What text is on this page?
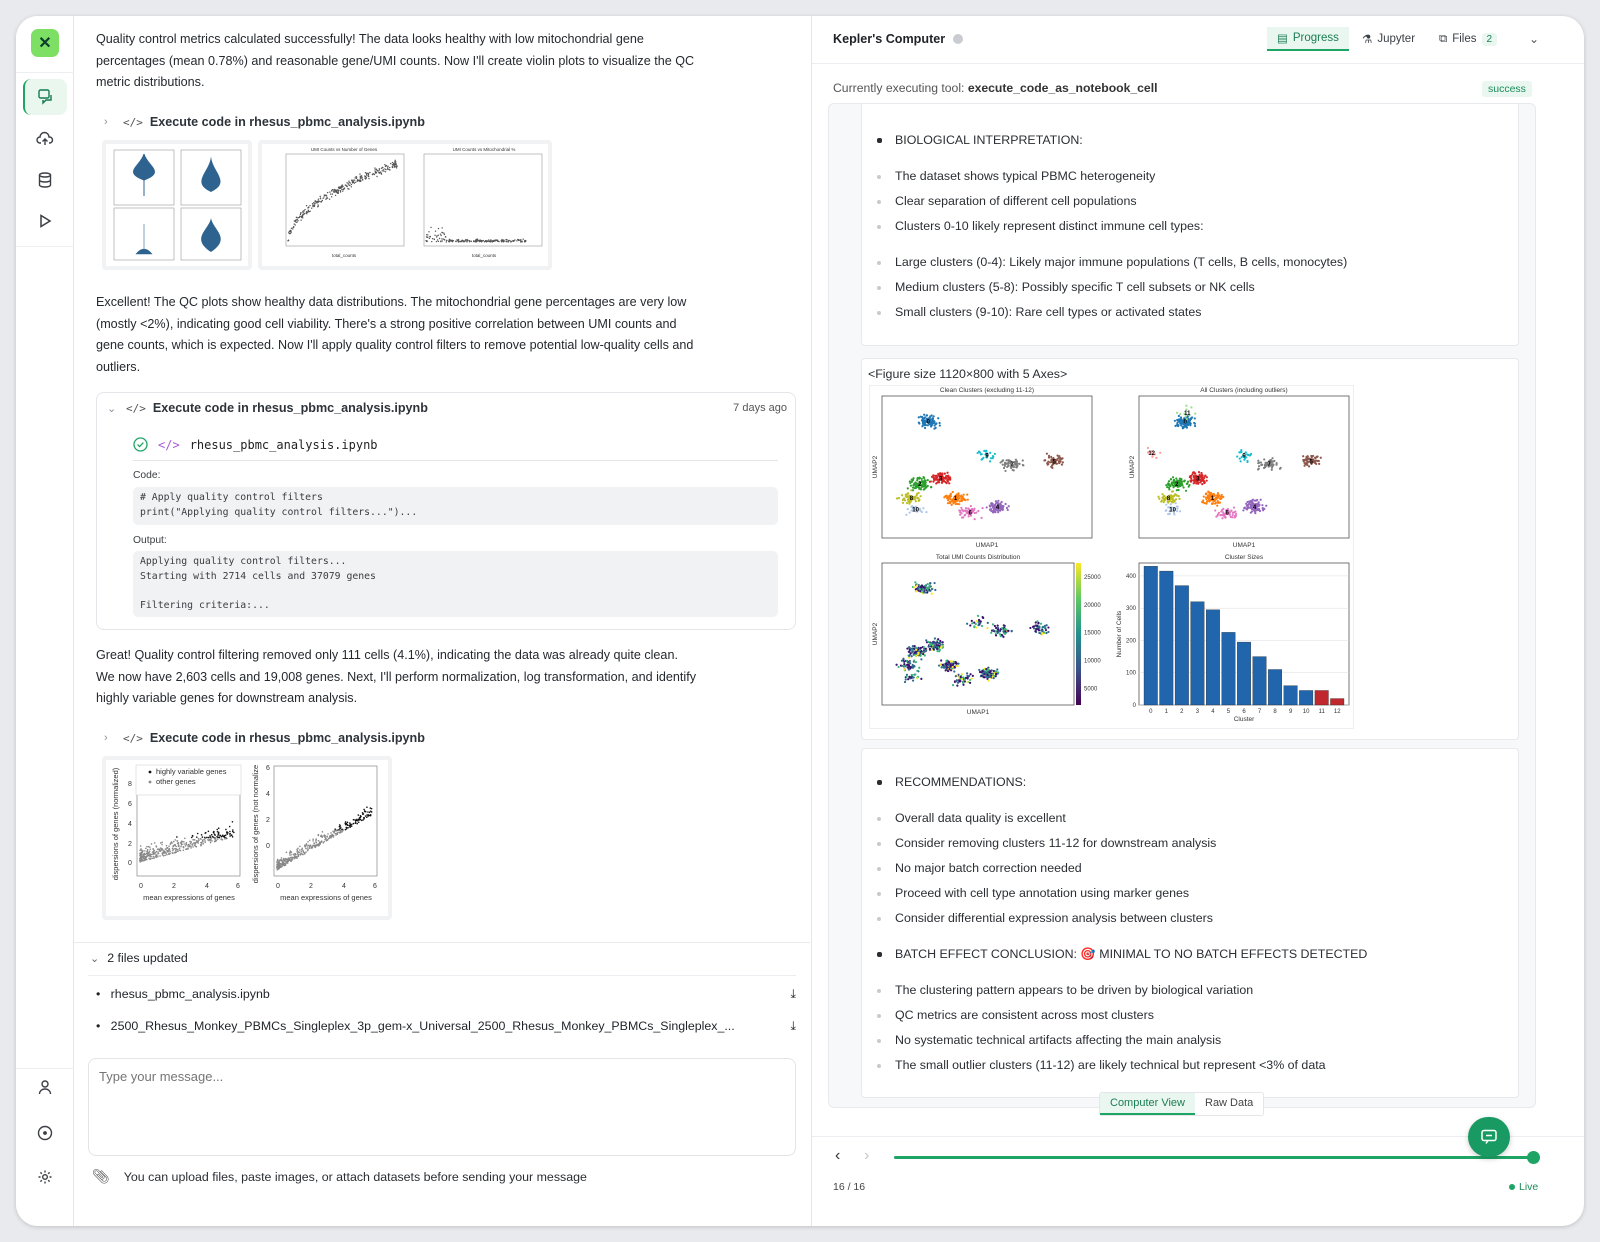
✕	Quality control metrics calculated successfully! The data looks healthy with low mitochondrial gene percentages (mean 0.78%) and reasonable gene/UMI counts. Now I'll create violin plots to visualize the QC metric distributions.
›	</> Execute code in rhesus_pbmc_analysis.ipynb
UMI Counts vs Number of Genes	UMI Counts vs Mitochondrial %
total_counts	total_counts
Excellent! The QC plots show healthy data distributions. The mitochondrial gene percentages are very low (mostly <2%), indicating good cell viability. There's a strong positive correlation between UMI counts and gene counts, which is expected. Now I'll apply quality control filters to remove potential low-quality cells and outliers.
⌄ </> Execute code in rhesus_pbmc_analysis.ipynb	7 days ago
</> rhesus_pbmc_analysis.ipynb
Code:
# Apply quality control filters
print("Applying quality control filters...")...
Output:
Applying quality control filters...
Starting with 2714 cells and 37079 genes

Filtering criteria:...
Great! Quality control filtering removed only 111 cells (4.1%), indicating the data was already quite clean. We now have 2,603 cells and 19,008 genes. Next, I'll perform normalization, log transformation, and identify highly variable genes for downstream analysis.
›	</> Execute code in rhesus_pbmc_analysis.ipynb
highly variable genes
other genes
0	2	4	6	0	2	4	6
mean expressions of genes	mean expressions of genes
dispersions of genes (normalized)	dispersions of genes (not normalize
8
6
4
2
0
6
4
2
0
⌄ 2 files updated
•   rhesus_pbmc_analysis.ipynb	⤓
•   2500_Rhesus_Monkey_PBMCs_Singleplex_3p_gem-x_Universal_2500_Rhesus_Monkey_PBMCs_Singleplex_...	⤓
Type your message...
📎︎ You can upload files, paste images, or attach datasets before sending your message
Kepler's Computer	▤ Progress ⚗ Jupyter ⧉ Files	2	⌄
Currently executing tool: execute_code_as_notebook_cell	success
BIOLOGICAL INTERPRETATION:
The dataset shows typical PBMC heterogeneity
Clear separation of different cell populations
Clusters 0-10 likely represent distinct immune cell types:
Large clusters (0-4): Likely major immune populations (T cells, B cells, monocytes)
Medium clusters (5-8): Possibly specific T cell subsets or NK cells
Small clusters (9-10): Rare cell types or activated states
<Figure size 1120×800 with 5 Axes>
Clean Clusters (excluding 11-12)
0
1
2
3
4
5
6
7
8
9
10
UMAP1
UMAP2
All Clusters (including outliers)
0
1
2
3
4
5
6
7
8
9
10
11
12
UMAP1
UMAP2
Total UMI Counts Distribution
UMAP1
UMAP2
5000
10000
15000
20000
25000
Cluster Sizes
0
100
200
300
400
0 1 2 3 4 5 6 7 8 9 10 11 12
Cluster
Number of Cells
RECOMMENDATIONS:
Overall data quality is excellent
Consider removing clusters 11-12 for downstream analysis
No major batch correction needed
Proceed with cell type annotation using marker genes
Consider differential expression analysis between clusters
BATCH EFFECT CONCLUSION: 🎯 MINIMAL TO NO BATCH EFFECTS DETECTED
The clustering pattern appears to be driven by biological variation
QC metrics are consistent across most clusters
No systematic technical artifacts affecting the main analysis
The small outlier clusters (11-12) are likely technical but represent <3% of data
Computer View	Raw Data
‹ ›
16 / 16	Live
